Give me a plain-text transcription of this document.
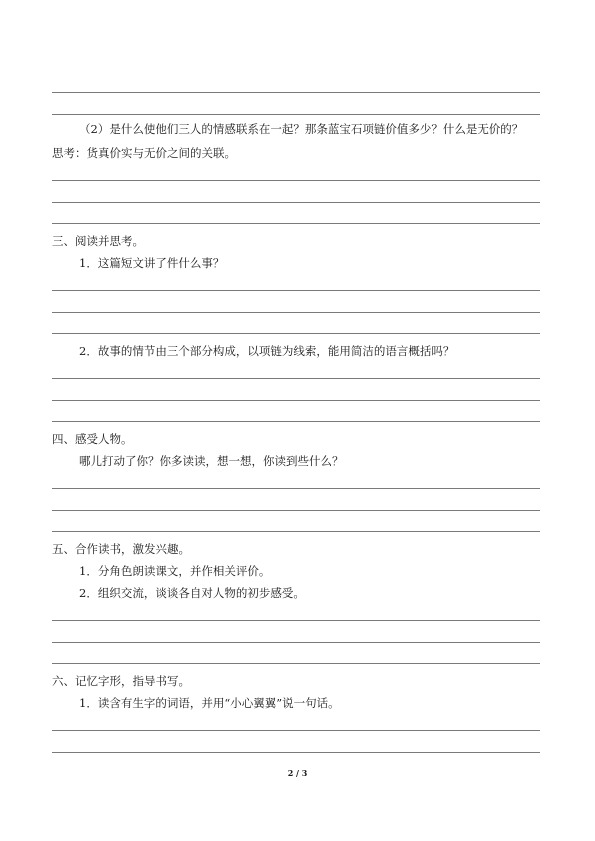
（2）是什么使他们三人的情感联系在一起？那条蓝宝石项链价值多少？什么是无价的？
思考：货真价实与无价之间的关联。
三、阅读并思考。
1．这篇短文讲了件什么事？
2．故事的情节由三个部分构成，以项链为线索，能用简洁的语言概括吗？
四、感受人物。
哪儿打动了你？你多读读，想一想，你读到些什么？
五、合作读书，激发兴趣。
1．分角色朗读课文，并作相关评价。
2．组织交流，谈谈各自对人物的初步感受。
六、记忆字形，指导书写。
1．读含有生字的词语，并用“小心翼翼”说一句话。
2 / 3
